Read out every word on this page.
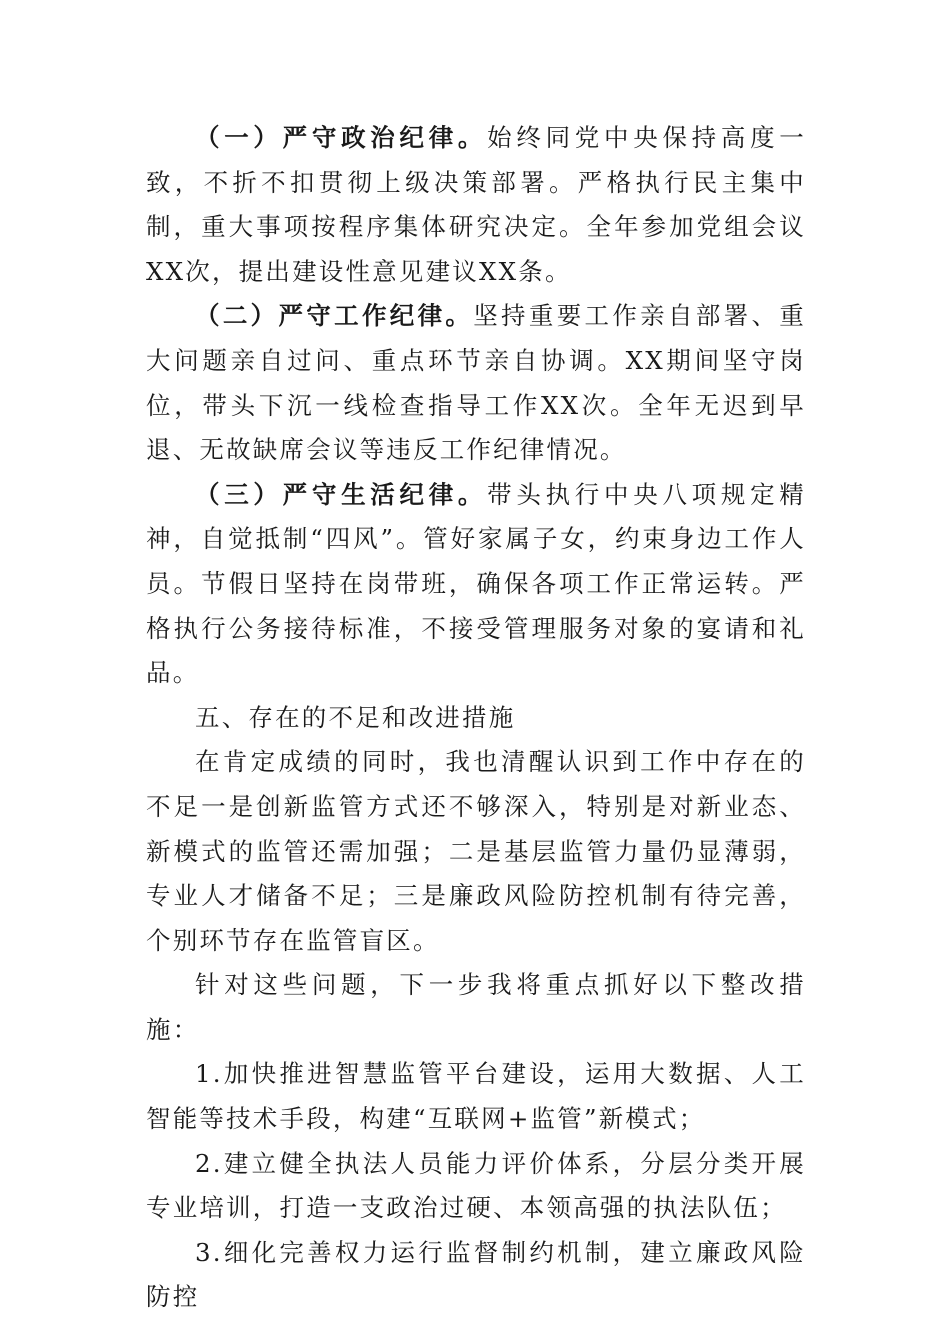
（一）严守政治纪律。始终同党中央保持高度一致，不折不扣贯彻上级决策部署。严格执行民主集中制，重大事项按程序集体研究决定。全年参加党组会议XX次，提出建设性意见建议XX条。

（二）严守工作纪律。坚持重要工作亲自部署、重大问题亲自过问、重点环节亲自协调。XX期间坚守岗位，带头下沉一线检查指导工作XX次。全年无迟到早退、无故缺席会议等违反工作纪律情况。

（三）严守生活纪律。带头执行中央八项规定精神，自觉抵制“四风”。管好家属子女，约束身边工作人员。节假日坚持在岗带班，确保各项工作正常运转。严格执行公务接待标准，不接受管理服务对象的宴请和礼品。

五、存在的不足和改进措施

在肯定成绩的同时，我也清醒认识到工作中存在的不足一是创新监管方式还不够深入，特别是对新业态、新模式的监管还需加强；二是基层监管力量仍显薄弱，专业人才储备不足；三是廉政风险防控机制有待完善，个别环节存在监管盲区。

针对这些问题，下一步我将重点抓好以下整改措施：

1.加快推进智慧监管平台建设，运用大数据、人工智能等技术手段，构建“互联网+监管”新模式；

2.建立健全执法人员能力评价体系，分层分类开展专业培训，打造一支政治过硬、本领高强的执法队伍；

3.细化完善权力运行监督制约机制，建立廉政风险防控
